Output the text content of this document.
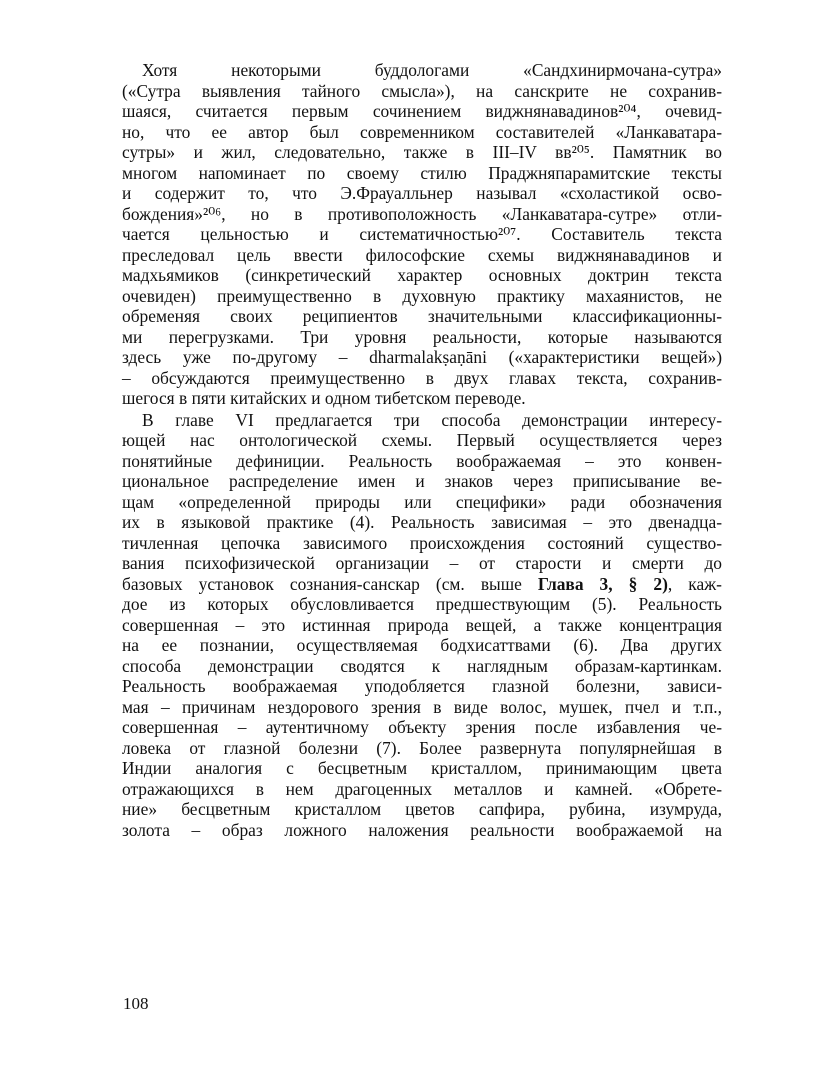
Хотя некоторыми буддологами «Сандхинирмочана-сутра»
(«Сутра выявления тайного смысла»), на санскрите не сохранив-
шаяся, считается первым сочинением виджнянавадинов²⁰⁴, очевид-
но, что ее автор был современником составителей «Ланкаватара-
сутры» и жил, следовательно, также в III–IV вв²⁰⁵. Памятник во
многом напоминает по своему стилю Праджняпарамитские тексты
и содержит то, что Э.Фрауалльнер называл «схоластикой осво-
бождения»²⁰⁶, но в противоположность «Ланкаватара-сутре» отли-
чается цельностью и систематичностью²⁰⁷. Составитель текста
преследовал цель ввести философские схемы виджнянавадинов и
мадхьямиков (синкретический характер основных доктрин текста
очевиден) преимущественно в духовную практику махаянистов, не
обременяя своих реципиентов значительными классификационны-
ми перегрузками. Три уровня реальности, которые называются
здесь уже по-другому – dharmalakṣaṇāni («характеристики вещей»)
– обсуждаются преимущественно в двух главах текста, сохранив-
шегося в пяти китайских и одном тибетском переводе.
В главе VI предлагается три способа демонстрации интересу-
ющей нас онтологической схемы. Первый осуществляется через
понятийные дефиниции. Реальность воображаемая – это конвен-
циональное распределение имен и знаков через приписывание ве-
щам «определенной природы или специфики» ради обозначения
их в языковой практике (4). Реальность зависимая – это двенадца-
тичленная цепочка зависимого происхождения состояний существо-
вания психофизической организации – от старости и смерти до
базовых установок сознания-санскар (см. выше Глава 3, § 2), каж-
дое из которых обусловливается предшествующим (5). Реальность
совершенная – это истинная природа вещей, а также концентрация
на ее познании, осуществляемая бодхисаттвами (6). Два других
способа демонстрации сводятся к наглядным образам-картинкам.
Реальность воображаемая уподобляется глазной болезни, зависи-
мая – причинам нездорового зрения в виде волос, мушек, пчел и т.п.,
совершенная – аутентичному объекту зрения после избавления че-
ловека от глазной болезни (7). Более развернута популярнейшая в
Индии аналогия с бесцветным кристаллом, принимающим цвета
отражающихся в нем драгоценных металлов и камней. «Обрете-
ние» бесцветным кристаллом цветов сапфира, рубина, изумруда,
золота – образ ложного наложения реальности воображаемой на
108
